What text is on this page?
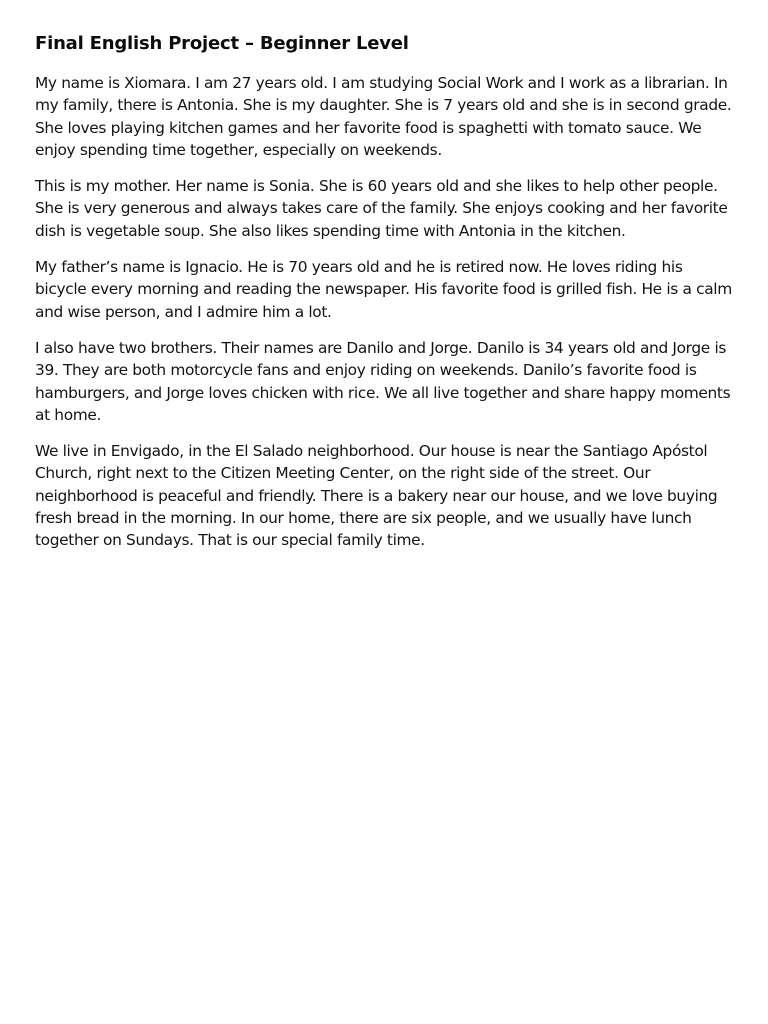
Final English Project – Beginner Level

My name is Xiomara. I am 27 years old. I am studying Social Work and I work as a librarian. In my family, there is Antonia. She is my daughter. She is 7 years old and she is in second grade. She loves playing kitchen games and her favorite food is spaghetti with tomato sauce. We enjoy spending time together, especially on weekends.

This is my mother. Her name is Sonia. She is 60 years old and she likes to help other people. She is very generous and always takes care of the family. She enjoys cooking and her favorite dish is vegetable soup. She also likes spending time with Antonia in the kitchen.

My father’s name is Ignacio. He is 70 years old and he is retired now. He loves riding his bicycle every morning and reading the newspaper. His favorite food is grilled fish. He is a calm and wise person, and I admire him a lot.

I also have two brothers. Their names are Danilo and Jorge. Danilo is 34 years old and Jorge is 39. They are both motorcycle fans and enjoy riding on weekends. Danilo’s favorite food is hamburgers, and Jorge loves chicken with rice. We all live together and share happy moments at home.

We live in Envigado, in the El Salado neighborhood. Our house is near the Santiago Apóstol Church, right next to the Citizen Meeting Center, on the right side of the street. Our neighborhood is peaceful and friendly. There is a bakery near our house, and we love buying fresh bread in the morning. In our home, there are six people, and we usually have lunch together on Sundays. That is our special family time.
